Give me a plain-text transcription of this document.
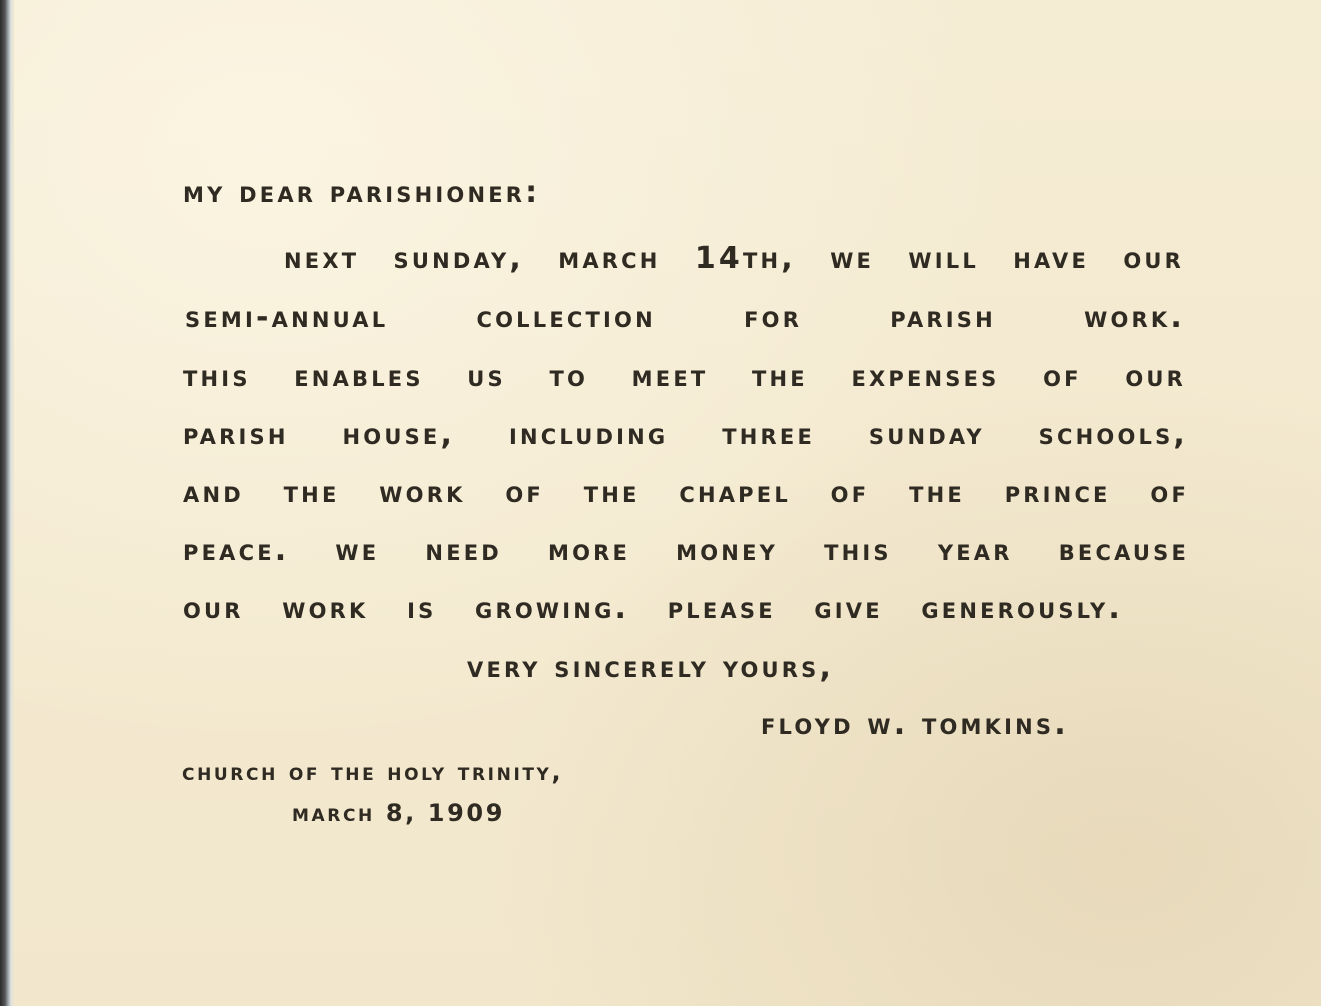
my dear parishioner:
next sunday, march 14th, we will have our
semi-annual collection for parish work.
this enables us to meet the expenses of our
parish house, including three sunday schools,
and the work of the chapel of the prince of
peace. we need more money this year because
our work is growing. please give generously.
very sincerely yours,
floyd w. tomkins.
church of the holy trinity,
march 8, 1909
